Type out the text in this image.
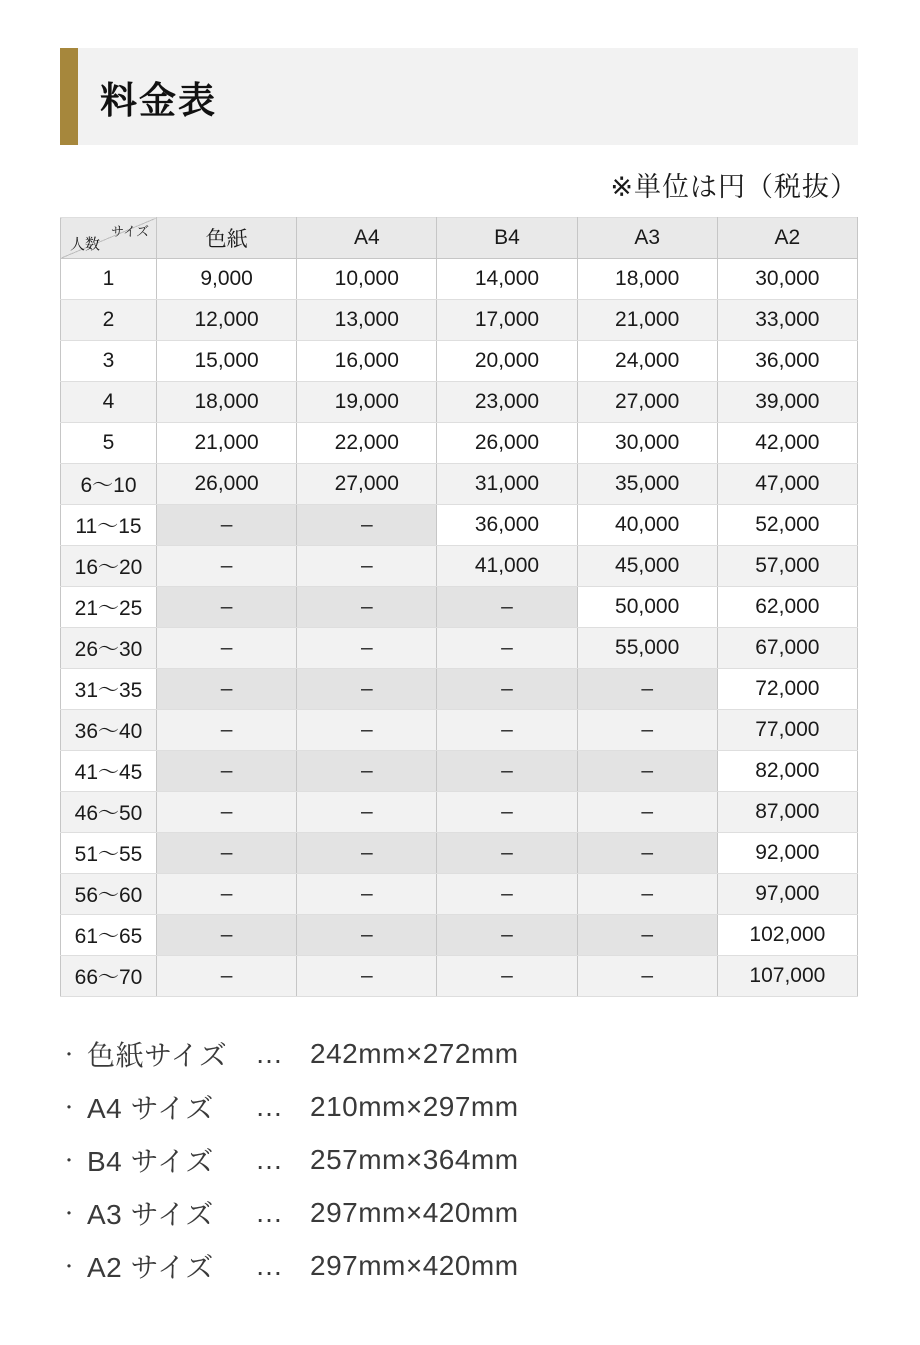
料金表
※単位は円（税抜）
サイズ
人数	色紙	A4	B4	A3	A2
1	9,000	10,000	14,000	18,000	30,000
2	12,000	13,000	17,000	21,000	33,000
3	15,000	16,000	20,000	24,000	36,000
4	18,000	19,000	23,000	27,000	39,000
5	21,000	22,000	26,000	30,000	42,000
6～10	26,000	27,000	31,000	35,000	47,000
11～15	–	–	36,000	40,000	52,000
16～20	–	–	41,000	45,000	57,000
21～25	–	–	–	50,000	62,000
26～30	–	–	–	55,000	67,000
31～35	–	–	–	–	72,000
36～40	–	–	–	–	77,000
41～45	–	–	–	–	82,000
46～50	–	–	–	–	87,000
51～55	–	–	–	–	92,000
56～60	–	–	–	–	97,000
61～65	–	–	–	–	102,000
66～70	–	–	–	–	107,000
・ 色紙サイズ … 242mm×272mm
・ A4 サイズ	… 210mm×297mm
・ B4 サイズ	… 257mm×364mm
・ A3 サイズ	… 297mm×420mm
・ A2 サイズ	… 297mm×420mm
